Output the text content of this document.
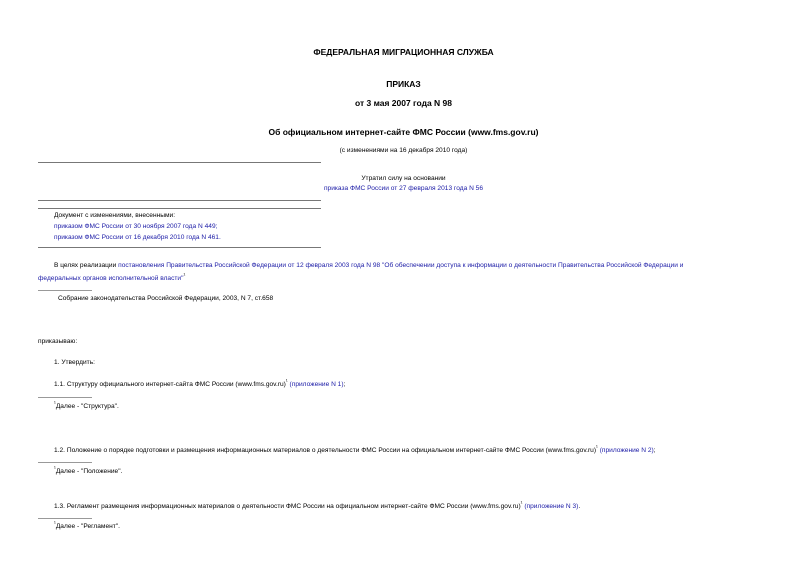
ФЕДЕРАЛЬНАЯ МИГРАЦИОННАЯ СЛУЖБА
ПРИКАЗ
от 3 мая 2007 года N 98
Об официальном интернет-сайте ФМС России (www.fms.gov.ru)
(с изменениями на 16 декабря 2010 года)
Утратил силу на основании
приказа ФМС России от 27 февраля 2013 года N 56
Документ с изменениями, внесенными:
приказом ФМС России от 30 ноября 2007 года N 449;
приказом ФМС России от 16 декабря 2010 года N 461.
В целях реализации постановления Правительства Российской Федерации от 12 февраля 2003 года N 98 "Об обеспечении доступа к информации о деятельности Правительства Российской Федерации и
федеральных органов исполнительной власти"$^{^1}$
Собрание законодательства Российской Федерации, 2003, N 7, ст.658
приказываю:
1. Утвердить:
1.1. Структуру официального интернет-сайта ФМС России $(www.fms.gov.ru)^{^1}$ (приложение N 1);
$^{^1}$Далее - "Структура".
1.2. Положение о порядке подготовки и размещения информационных материалов о деятельности ФМС России на официальном интернет-сайте ФМС России $(www.fms.gov.ru)^{^1}$ (приложение N 2);
$^{^1}$Далее - "Положение".
1.3. Регламент размещения информационных материалов о деятельности ФМС России на официальном интернет-сайте ФМС России $(www.fms.gov.ru)^{^1}$ (приложение N 3).
$^{^1}$Далее - "Регламент".
